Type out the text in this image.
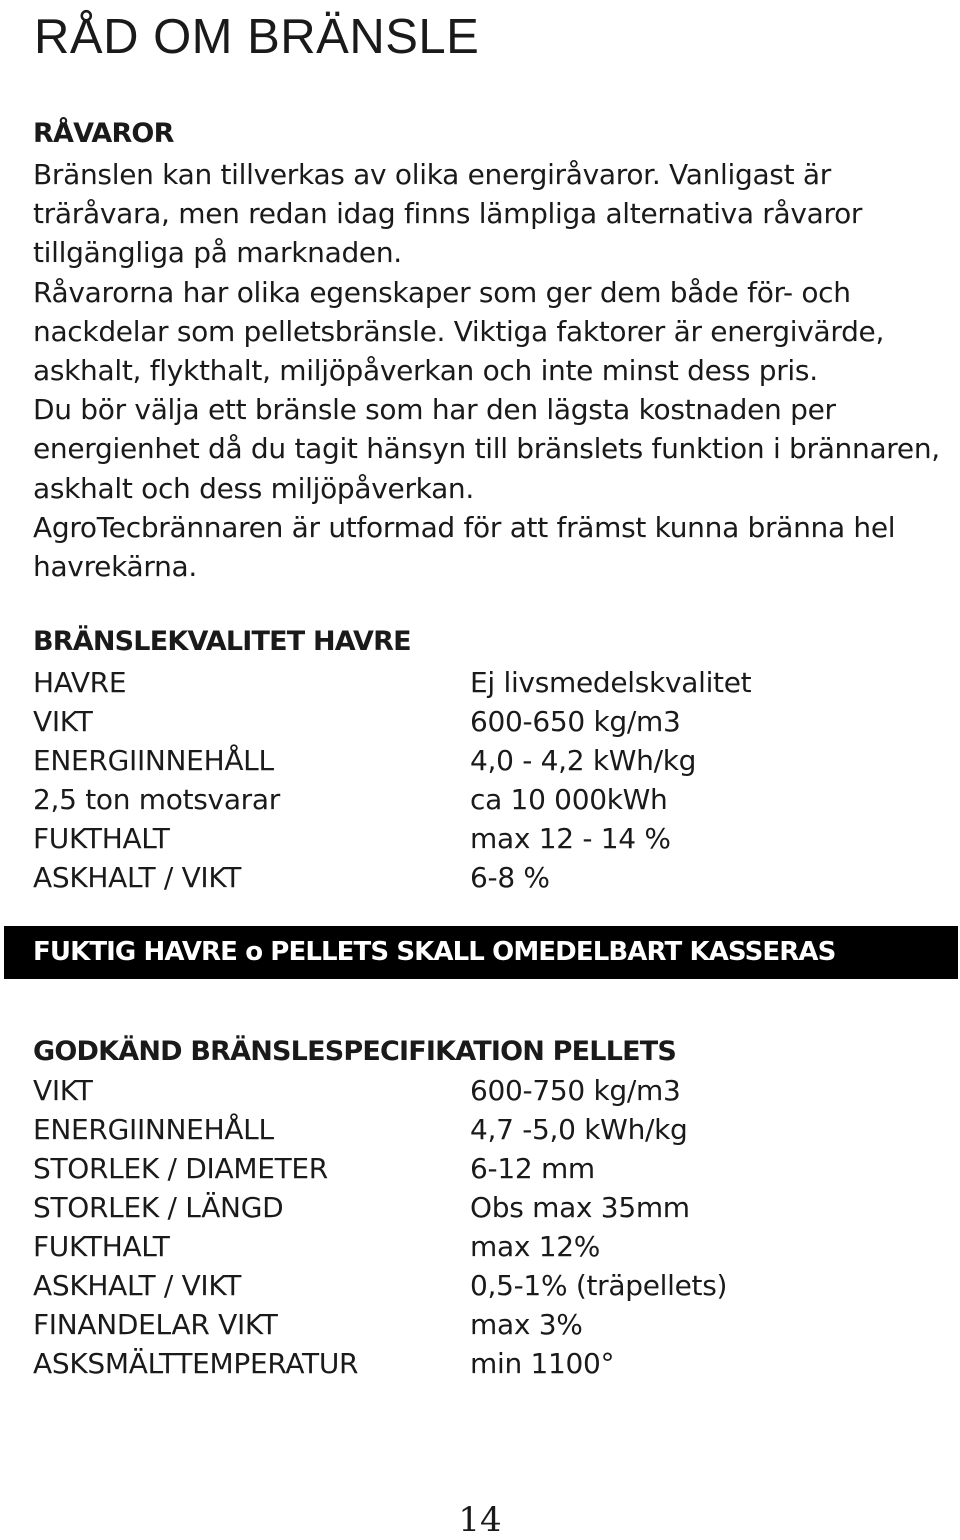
RÅD OM BRÄNSLE
RÅVAROR

Bränslen kan tillverkas av olika energiråvaror. Vanligast är träråvara, men redan idag finns lämpliga alternativa råvaror tillgängliga på marknaden.

Råvarorna har olika egenskaper som ger dem både för- och nackdelar som pelletsbränsle. Viktiga faktorer är energivärde, askhalt, flykthalt, miljöpåverkan och inte minst dess pris.

Du bör välja ett bränsle som har den lägsta kostnaden per energienhet då du tagit hänsyn till bränslets funktion i brännaren, askhalt och dess miljöpåverkan.

AgroTecbrännaren är utformad för att främst kunna bränna hel havrekärna.

BRÄNSLEKVALITET HAVRE
HAVRE	Ej livsmedelskvalitet
VIKT	600-650 kg/m3
ENERGIINNEHÅLL	4,0 - 4,2 kWh/kg
2,5 ton motsvarar	ca 10 000kWh
FUKTHALT	max 12 - 14 %
ASKHALT / VIKT	6-8 %
FUKTIG HAVRE o PELLETS SKALL OMEDELBART KASSERAS
GODKÄND BRÄNSLESPECIFIKATION PELLETS
VIKT	600-750 kg/m3
ENERGIINNEHÅLL	4,7 -5,0 kWh/kg
STORLEK / DIAMETER	6-12 mm
STORLEK / LÄNGD	Obs max 35mm
FUKTHALT	max 12%
ASKHALT / VIKT	0,5-1% (träpellets)
FINANDELAR VIKT	max 3%
ASKSMÄLTTEMPERATUR	min 1100°
14
